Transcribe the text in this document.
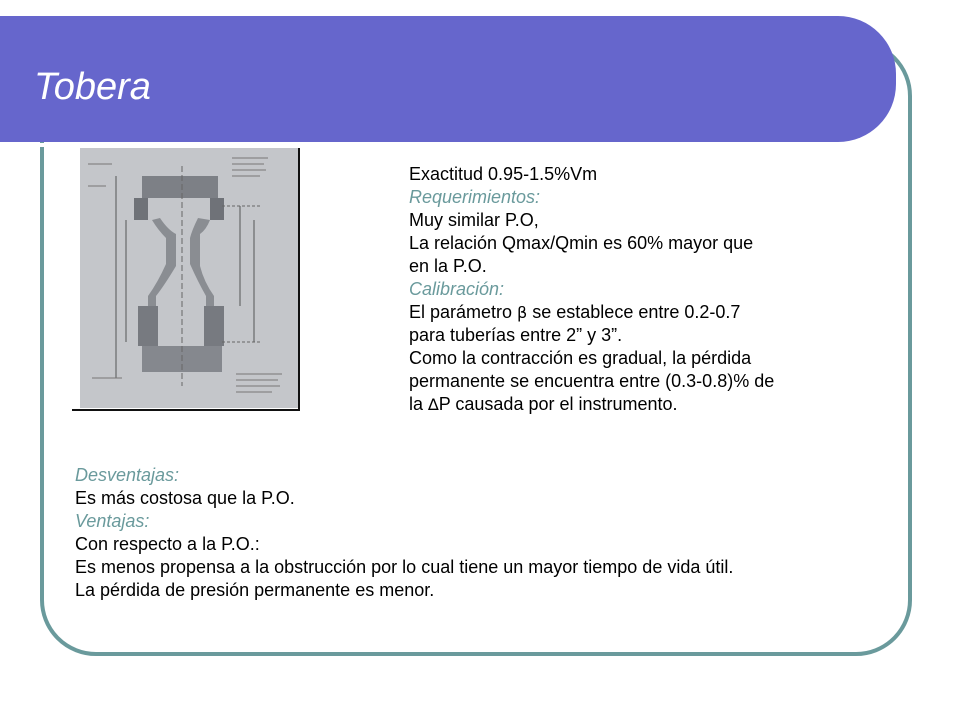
Tobera
Exactitud 0.95-1.5%Vm
Requerimientos:
Muy similar P.O,
La relación Qmax/Qmin es 60% mayor que
en la P.O.
Calibración:
El parámetro β se establece entre 0.2-0.7
para tuberías entre 2” y 3”.
Como la contracción es gradual, la pérdida
permanente se encuentra entre (0.3-0.8)% de
la ∆P causada por el instrumento.
Desventajas:
Es más costosa que la P.O.
Ventajas:
Con respecto a la P.O.:
Es menos propensa a la obstrucción por lo cual tiene un mayor tiempo de vida útil.
La pérdida de presión permanente es menor.
